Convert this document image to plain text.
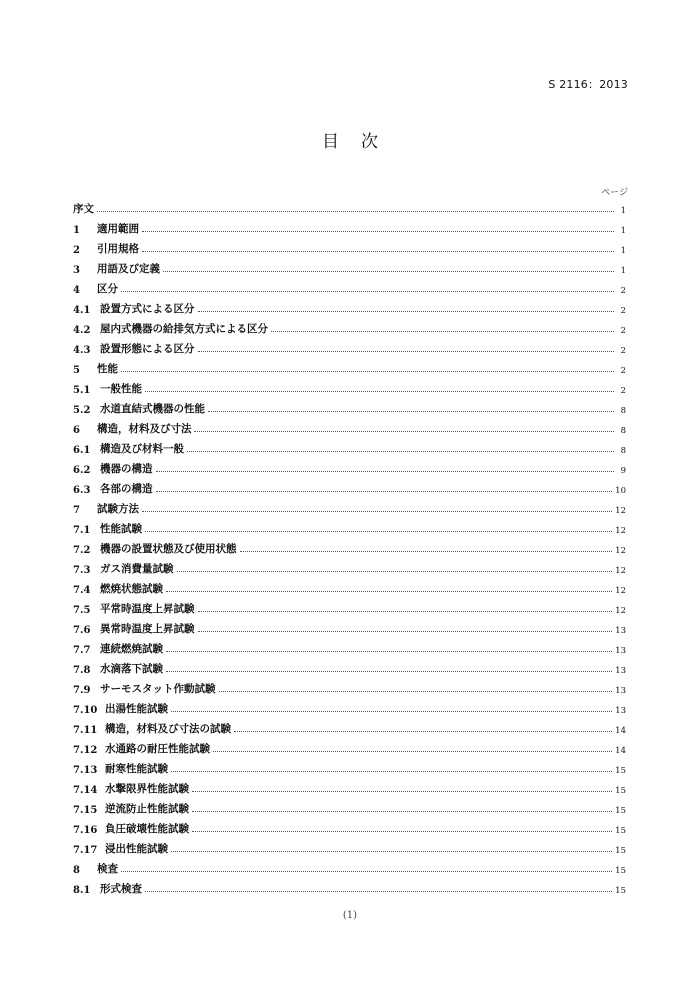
S 2116：2013
目次
ページ
序文	1
1 適用範囲	1
2 引用規格	1
3 用語及び定義	1
4 区分	2
4.1 設置方式による区分	2
4.2 屋内式機器の給排気方式による区分	2
4.3 設置形態による区分	2
5 性能	2
5.1 一般性能	2
5.2 水道直結式機器の性能	8
6 構造，材料及び寸法	8
6.1 構造及び材料一般	8
6.2 機器の構造	9
6.3 各部の構造	10
7 試験方法	12
7.1 性能試験	12
7.2 機器の設置状態及び使用状態	12
7.3 ガス消費量試験	12
7.4 燃焼状態試験	12
7.5 平常時温度上昇試験	12
7.6 異常時温度上昇試験	13
7.7 連続燃焼試験	13
7.8 水滴落下試験	13
7.9 サーモスタット作動試験	13
7.10 出湯性能試験	13
7.11 構造，材料及び寸法の試験	14
7.12 水通路の耐圧性能試験	14
7.13 耐寒性能試験	15
7.14 水撃限界性能試験	15
7.15 逆流防止性能試験	15
7.16 負圧破壊性能試験	15
7.17 浸出性能試験	15
8 検査	15
8.1 形式検査	15
(1)
